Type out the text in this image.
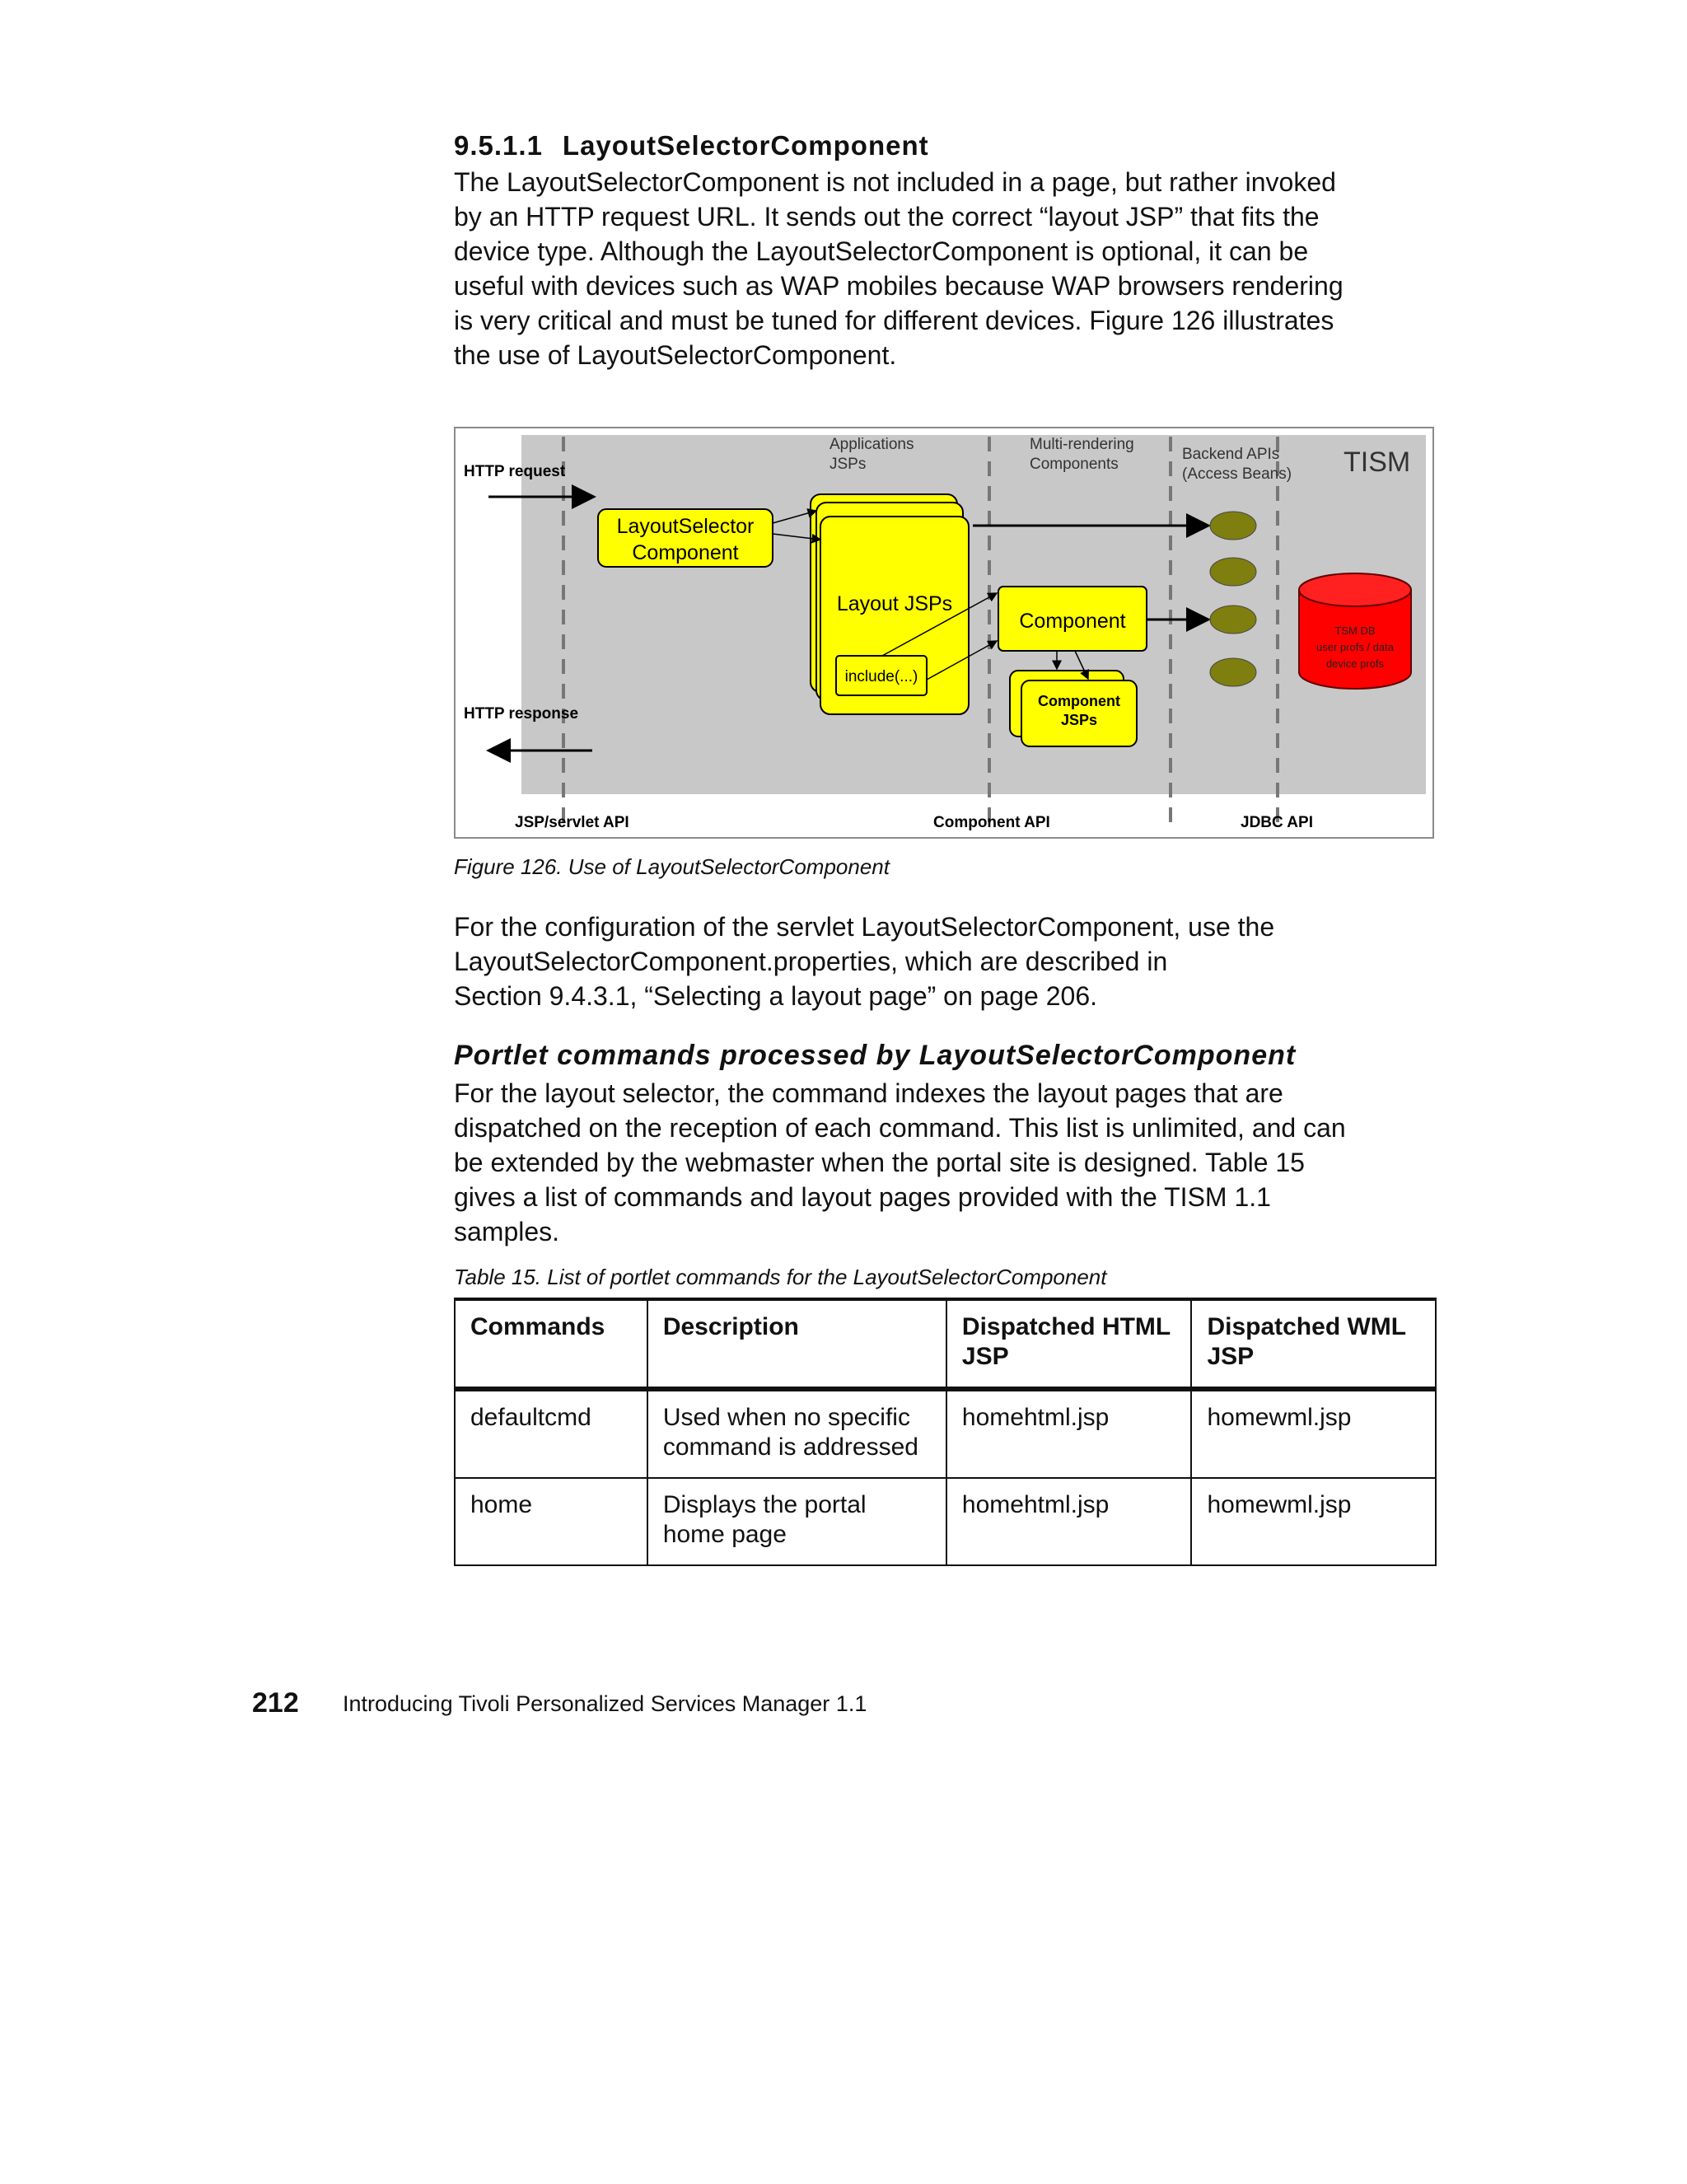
9.5.1.1 LayoutSelectorComponent

The LayoutSelectorComponent is not included in a page, but rather invoked

by an HTTP request URL. It sends out the correct “layout JSP” that fits the

device type. Although the LayoutSelectorComponent is optional, it can be

useful with devices such as WAP mobiles because WAP browsers rendering

is very critical and must be tuned for different devices. Figure 126 illustrates

the use of LayoutSelectorComponent.

HTTP request
HTTP response
Applications
JSPs
Multi-rendering
Components
Backend APIs
(Access Beans) TISM
LayoutSelector
Component
Layout JSPs
include(...)
Component
Component
JSPs
TSM DB
user profs / data
device profs
JSP/servlet API	Component API	JDBC API
Figure 126. Use of LayoutSelectorComponent

For the configuration of the servlet LayoutSelectorComponent, use the

LayoutSelectorComponent.properties, which are described in

Section 9.4.3.1, “Selecting a layout page” on page 206.

Portlet commands processed by LayoutSelectorComponent

For the layout selector, the command indexes the layout pages that are

dispatched on the reception of each command. This list is unlimited, and can

be extended by the webmaster when the portal site is designed. Table 15

gives a list of commands and layout pages provided with the TISM 1.1

samples.

Table 15. List of portlet commands for the LayoutSelectorComponent
Commands	Description	Dispatched HTML JSP	Dispatched WML JSP
defaultcmd	Used when no specific command is addressed	homehtml.jsp	homewml.jsp
home	Displays the portal home page	homehtml.jsp	homewml.jsp
212 Introducing Tivoli Personalized Services Manager 1.1
